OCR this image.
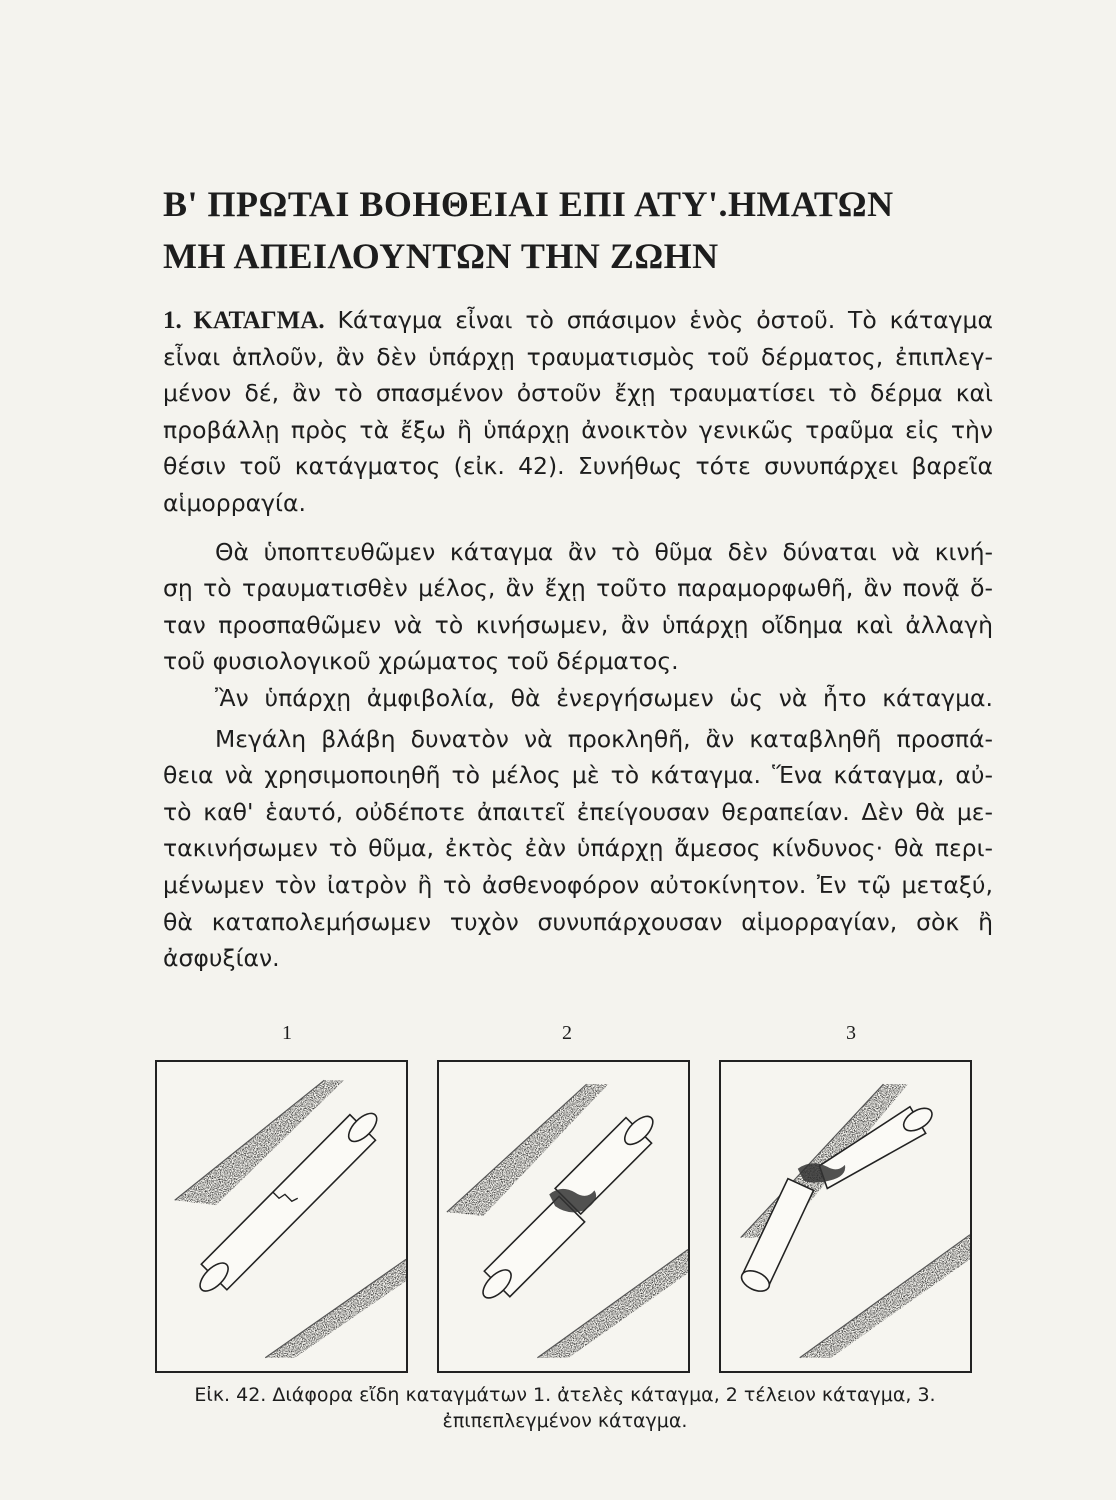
Β' ΠΡΩΤΑΙ ΒΟΗΘΕΙΑΙ ΕΠΙ ΑΤΥ'.ΗΜΑΤΩΝ
ΜΗ ΑΠΕΙΛΟΥΝΤΩΝ ΤΗΝ ΖΩΗΝ
1. ΚΑΤΑΓΜΑ. Κάταγμα εἶναι τὸ σπάσιμον ἑνὸς ὀστοῦ. Τὸ κάταγμα
εἶναι ἁπλοῦν, ἂν δὲν ὑπάρχῃ τραυματισμὸς τοῦ δέρματος, ἐπιπλεγ-
μένον δέ, ἂν τὸ σπασμένον ὀστοῦν ἔχῃ τραυματίσει τὸ δέρμα καὶ
προβάλλῃ πρὸς τὰ ἔξω ἢ ὑπάρχῃ ἀνοικτὸν γενικῶς τραῦμα εἰς τὴν
θέσιν τοῦ κατάγματος (εἰκ. 42). Συνήθως τότε συνυπάρχει βαρεῖα
αἱμορραγία.
Θὰ ὑποπτευθῶμεν κάταγμα ἂν τὸ θῦμα δὲν δύναται νὰ κινή-
σῃ τὸ τραυματισθὲν μέλος, ἂν ἔχῃ τοῦτο παραμορφωθῆ, ἂν πονᾷ ὅ-
ταν προσπαθῶμεν νὰ τὸ κινήσωμεν, ἂν ὑπάρχῃ οἴδημα καὶ ἀλλαγὴ
τοῦ φυσιολογικοῦ χρώματος τοῦ δέρματος.
Ἂν ὑπάρχῃ ἀμφιβολία, θὰ ἐνεργήσωμεν ὡς νὰ ἦτο κάταγμα.
Μεγάλη βλάβη δυνατὸν νὰ προκληθῆ, ἂν καταβληθῆ προσπά-
θεια νὰ χρησιμοποιηθῆ τὸ μέλος μὲ τὸ κάταγμα. Ἕνα κάταγμα, αὐ-
τὸ καθ' ἑαυτό, οὐδέποτε ἀπαιτεῖ ἐπείγουσαν θεραπείαν. Δὲν θὰ με-
τακινήσωμεν τὸ θῦμα, ἐκτὸς ἐὰν ὑπάρχῃ ἄμεσος κίνδυνος· θὰ περι-
μένωμεν τὸν ἰατρὸν ἢ τὸ ἀσθενοφόρον αὐτοκίνητον. Ἐν τῷ μεταξύ,
θὰ καταπολεμήσωμεν τυχὸν συνυπάρχουσαν αἱμορραγίαν, σὸκ ἢ
ἀσφυξίαν.
1	2	3
Εἰκ. 42. Διάφορα εἴδη καταγμάτων 1. ἀτελὲς κάταγμα, 2 τέλειον κάταγμα, 3.
ἐπιπεπλεγμένον κάταγμα.
